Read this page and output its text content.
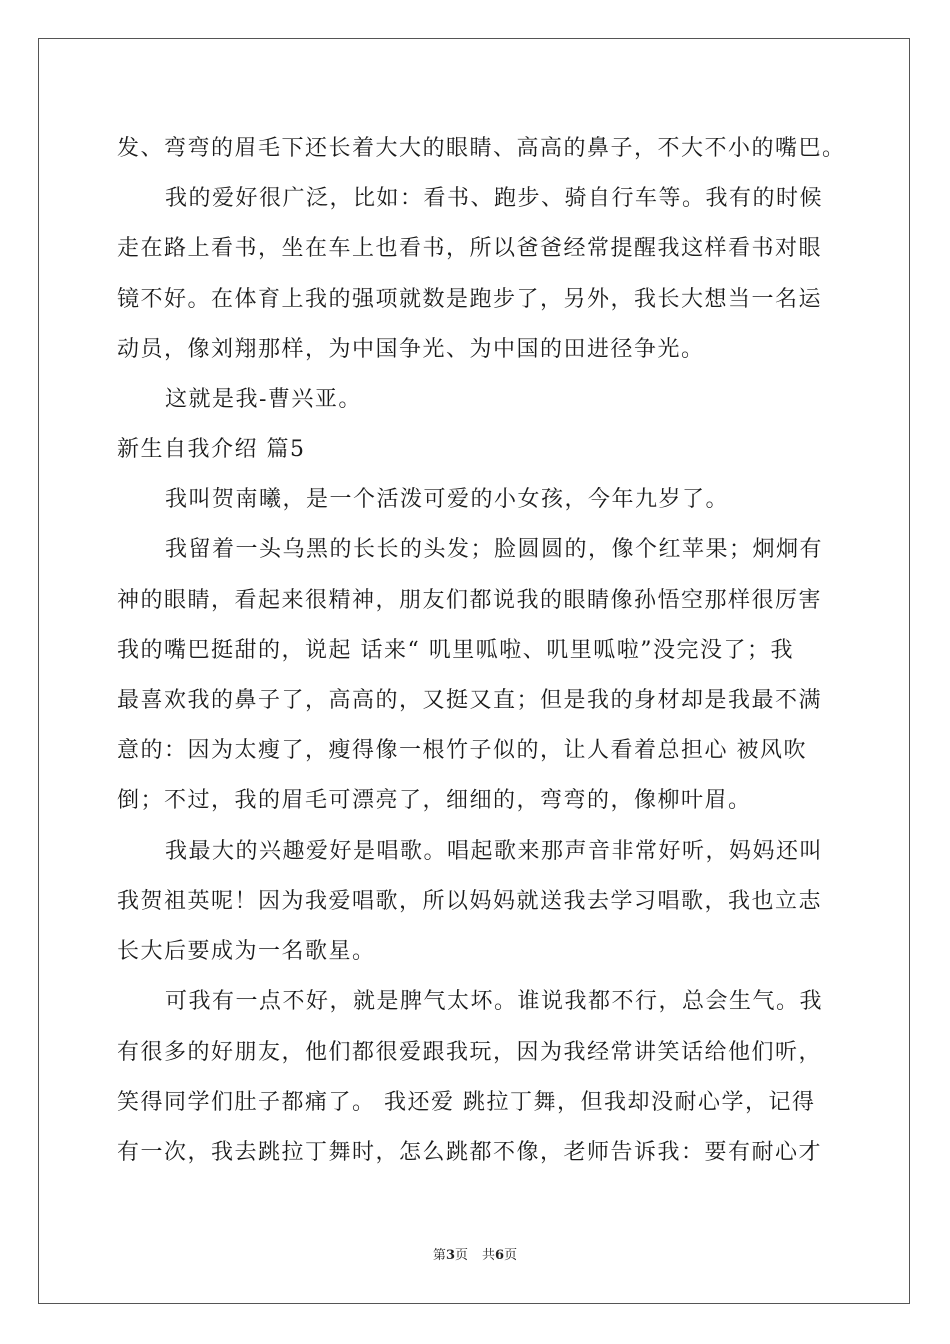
发、弯弯的眉毛下还长着大大的眼睛、高高的鼻子，不大不小的嘴巴。
我的爱好很广泛，比如：看书、跑步、骑自行车等。我有的时候
走在路上看书，坐在车上也看书，所以爸爸经常提醒我这样看书对眼
镜不好。在体育上我的强项就数是跑步了，另外，我长大想当一名运
动员，像刘翔那样，为中国争光、为中国的田进径争光。
这就是我-曹兴亚。
新生自我介绍 篇5
我叫贺南曦，是一个活泼可爱的小女孩，今年九岁了。
我留着一头乌黑的长长的头发；脸圆圆的，像个红苹果；炯炯有
神的眼睛，看起来很精神，朋友们都说我的眼睛像孙悟空那样很厉害
我的嘴巴挺甜的，说起 话来“ 叽里呱啦、叽里呱啦”没完没了；我
最喜欢我的鼻子了，高高的，又挺又直；但是我的身材却是我最不满
意的：因为太瘦了，瘦得像一根竹子似的，让人看着总担心 被风吹
倒；不过，我的眉毛可漂亮了，细细的，弯弯的，像柳叶眉。
我最大的兴趣爱好是唱歌。唱起歌来那声音非常好听，妈妈还叫
我贺祖英呢！因为我爱唱歌，所以妈妈就送我去学习唱歌，我也立志
长大后要成为一名歌星。
可我有一点不好，就是脾气太坏。谁说我都不行，总会生气。我
有很多的好朋友，他们都很爱跟我玩，因为我经常讲笑话给他们听，
笑得同学们肚子都痛了。 我还爱 跳拉丁舞，但我却没耐心学，记得
有一次，我去跳拉丁舞时，怎么跳都不像，老师告诉我：要有耐心才
第3页 共6页
